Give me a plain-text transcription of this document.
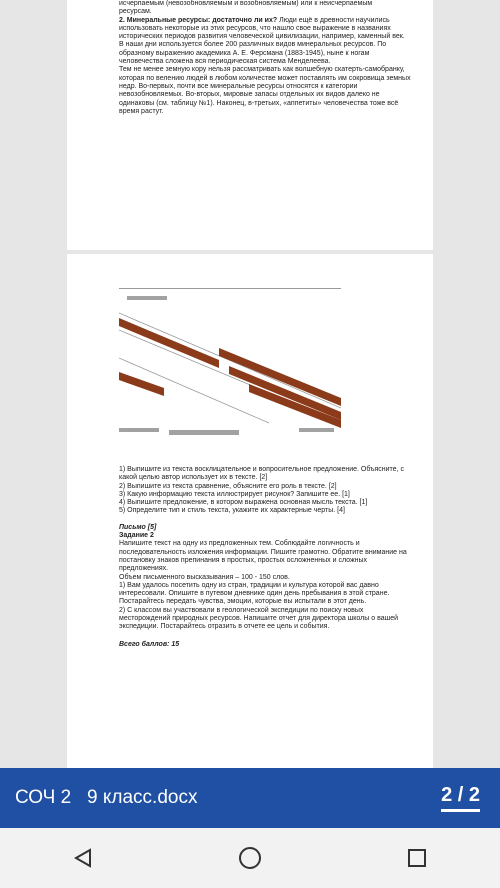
исчерпаемым (невозобновляемым и возобновляемым) или к неисчерпаемым

ресурсам.

2. Минеральные ресурсы: достаточно ли их? Люди ещё в древности научились использовать некоторые из этих ресурсов, что нашло свое выражение в названиях исторических периодов развития человеческой цивилизации, например, каменный век. В наши дни используется более 200 различных видов минеральных ресурсов. По образному выражению академика А. Е. Ферсмана (1883-1945), ныне к ногам человечества сложена вся периодическая система Менделеева.

Тем не менее земную кору нельзя рассматривать как волшебную скатерть-самобранку, которая по велению людей в любом количестве может поставлять им сокровища земных недр. Во-первых, почти все минеральные ресурсы относятся к категории невозобновляемых. Во-вторых, мировые запасы отдельных их видов далеко не одинаковы (см. таблицу №1). Наконец, в-третьих, «аппетиты» человечества тоже всё время растут.

1) Выпишите из текста восклицательное и вопросительное предложение. Объясните, с какой целью автор использует их в тексте. [2]

2) Выпишите из текста сравнение, объясните его роль в тексте. [2]

3) Какую информацию текста иллюстрирует рисунок? Запишите ее. [1]

4) Выпишите предложение, в котором выражена основная мысль текста. [1]

5) Определите тип и стиль текста, укажите их характерные черты. [4]

Письмо [5]

Задание 2

Напишите текст на одну из предложенных тем. Соблюдайте логичность и последовательность изложения информации. Пишите грамотно. Обратите внимание на постановку знаков препинания в простых, простых осложненных и сложных предложениях.

Объем письменного высказывания – 100 - 150 слов.

1) Вам удалось посетить одну из стран, традиции и культура которой вас давно интересовали. Опишите в путевом дневнике один день пребывания в этой стране. Постарайтесь передать чувства, эмоции, которые вы испытали в этот день.

2) С классом вы участвовали в геологической экспедиции по поиску новых месторождений природных ресурсов. Напишите отчет для директора школы о вашей экспедиции. Постарайтесь отразить в отчете ее цель и события.

Всего баллов: 15

СОЧ 2   9 класс.docx	2 / 2
